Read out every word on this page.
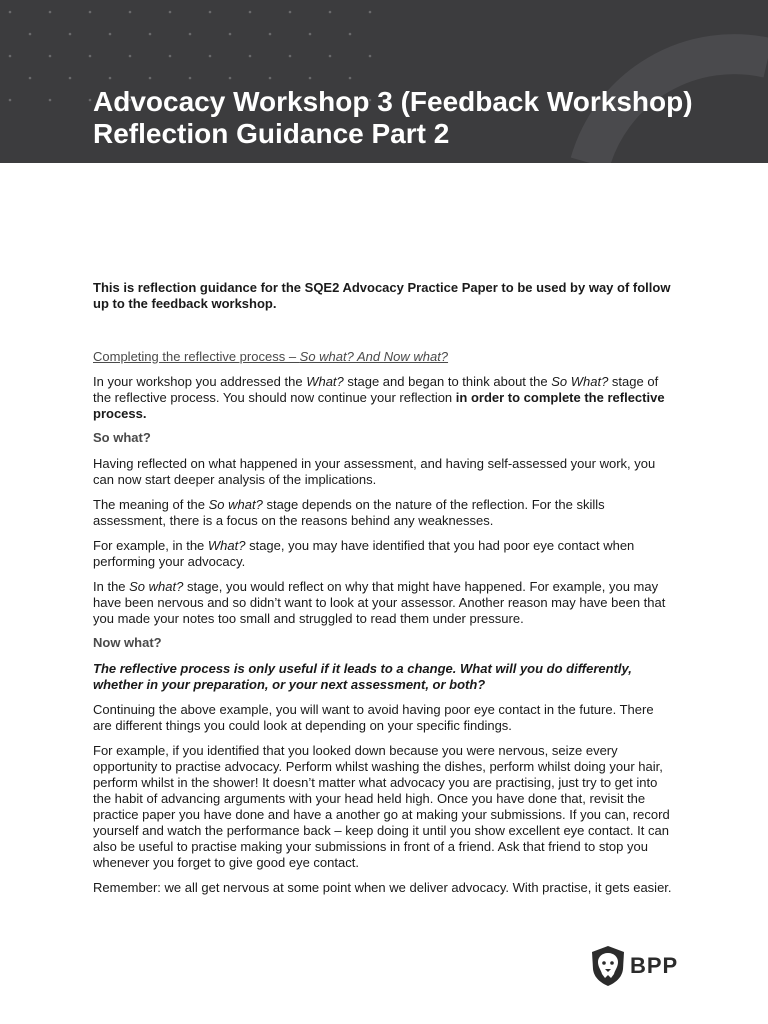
Advocacy Workshop 3 (Feedback Workshop) Reflection Guidance Part 2

This is reflection guidance for the SQE2 Advocacy Practice Paper to be used by way of follow up to the feedback workshop.

Completing the reflective process – So what? And Now what?

In your workshop you addressed the What? stage and began to think about the So What? stage of the reflective process. You should now continue your reflection in order to complete the reflective process.

So what?

Having reflected on what happened in your assessment, and having self-assessed your work, you can now start deeper analysis of the implications.

The meaning of the So what? stage depends on the nature of the reflection. For the skills assessment, there is a focus on the reasons behind any weaknesses.

For example, in the What? stage, you may have identified that you had poor eye contact when performing your advocacy.

In the So what? stage, you would reflect on why that might have happened. For example, you may have been nervous and so didn’t want to look at your assessor. Another reason may have been that you made your notes too small and struggled to read them under pressure.

Now what?

The reflective process is only useful if it leads to a change. What will you do differently, whether in your preparation, or your next assessment, or both?

Continuing the above example, you will want to avoid having poor eye contact in the future. There are different things you could look at depending on your specific findings.

For example, if you identified that you looked down because you were nervous, seize every opportunity to practise advocacy. Perform whilst washing the dishes, perform whilst doing your hair, perform whilst in the shower! It doesn’t matter what advocacy you are practising, just try to get into the habit of advancing arguments with your head held high. Once you have done that, revisit the practice paper you have done and have a another go at making your submissions. If you can, record yourself and watch the performance back – keep doing it until you show excellent eye contact. It can also be useful to practise making your submissions in front of a friend. Ask that friend to stop you whenever you forget to give good eye contact.

Remember: we all get nervous at some point when we deliver advocacy. With practise, it gets easier.

BPP
